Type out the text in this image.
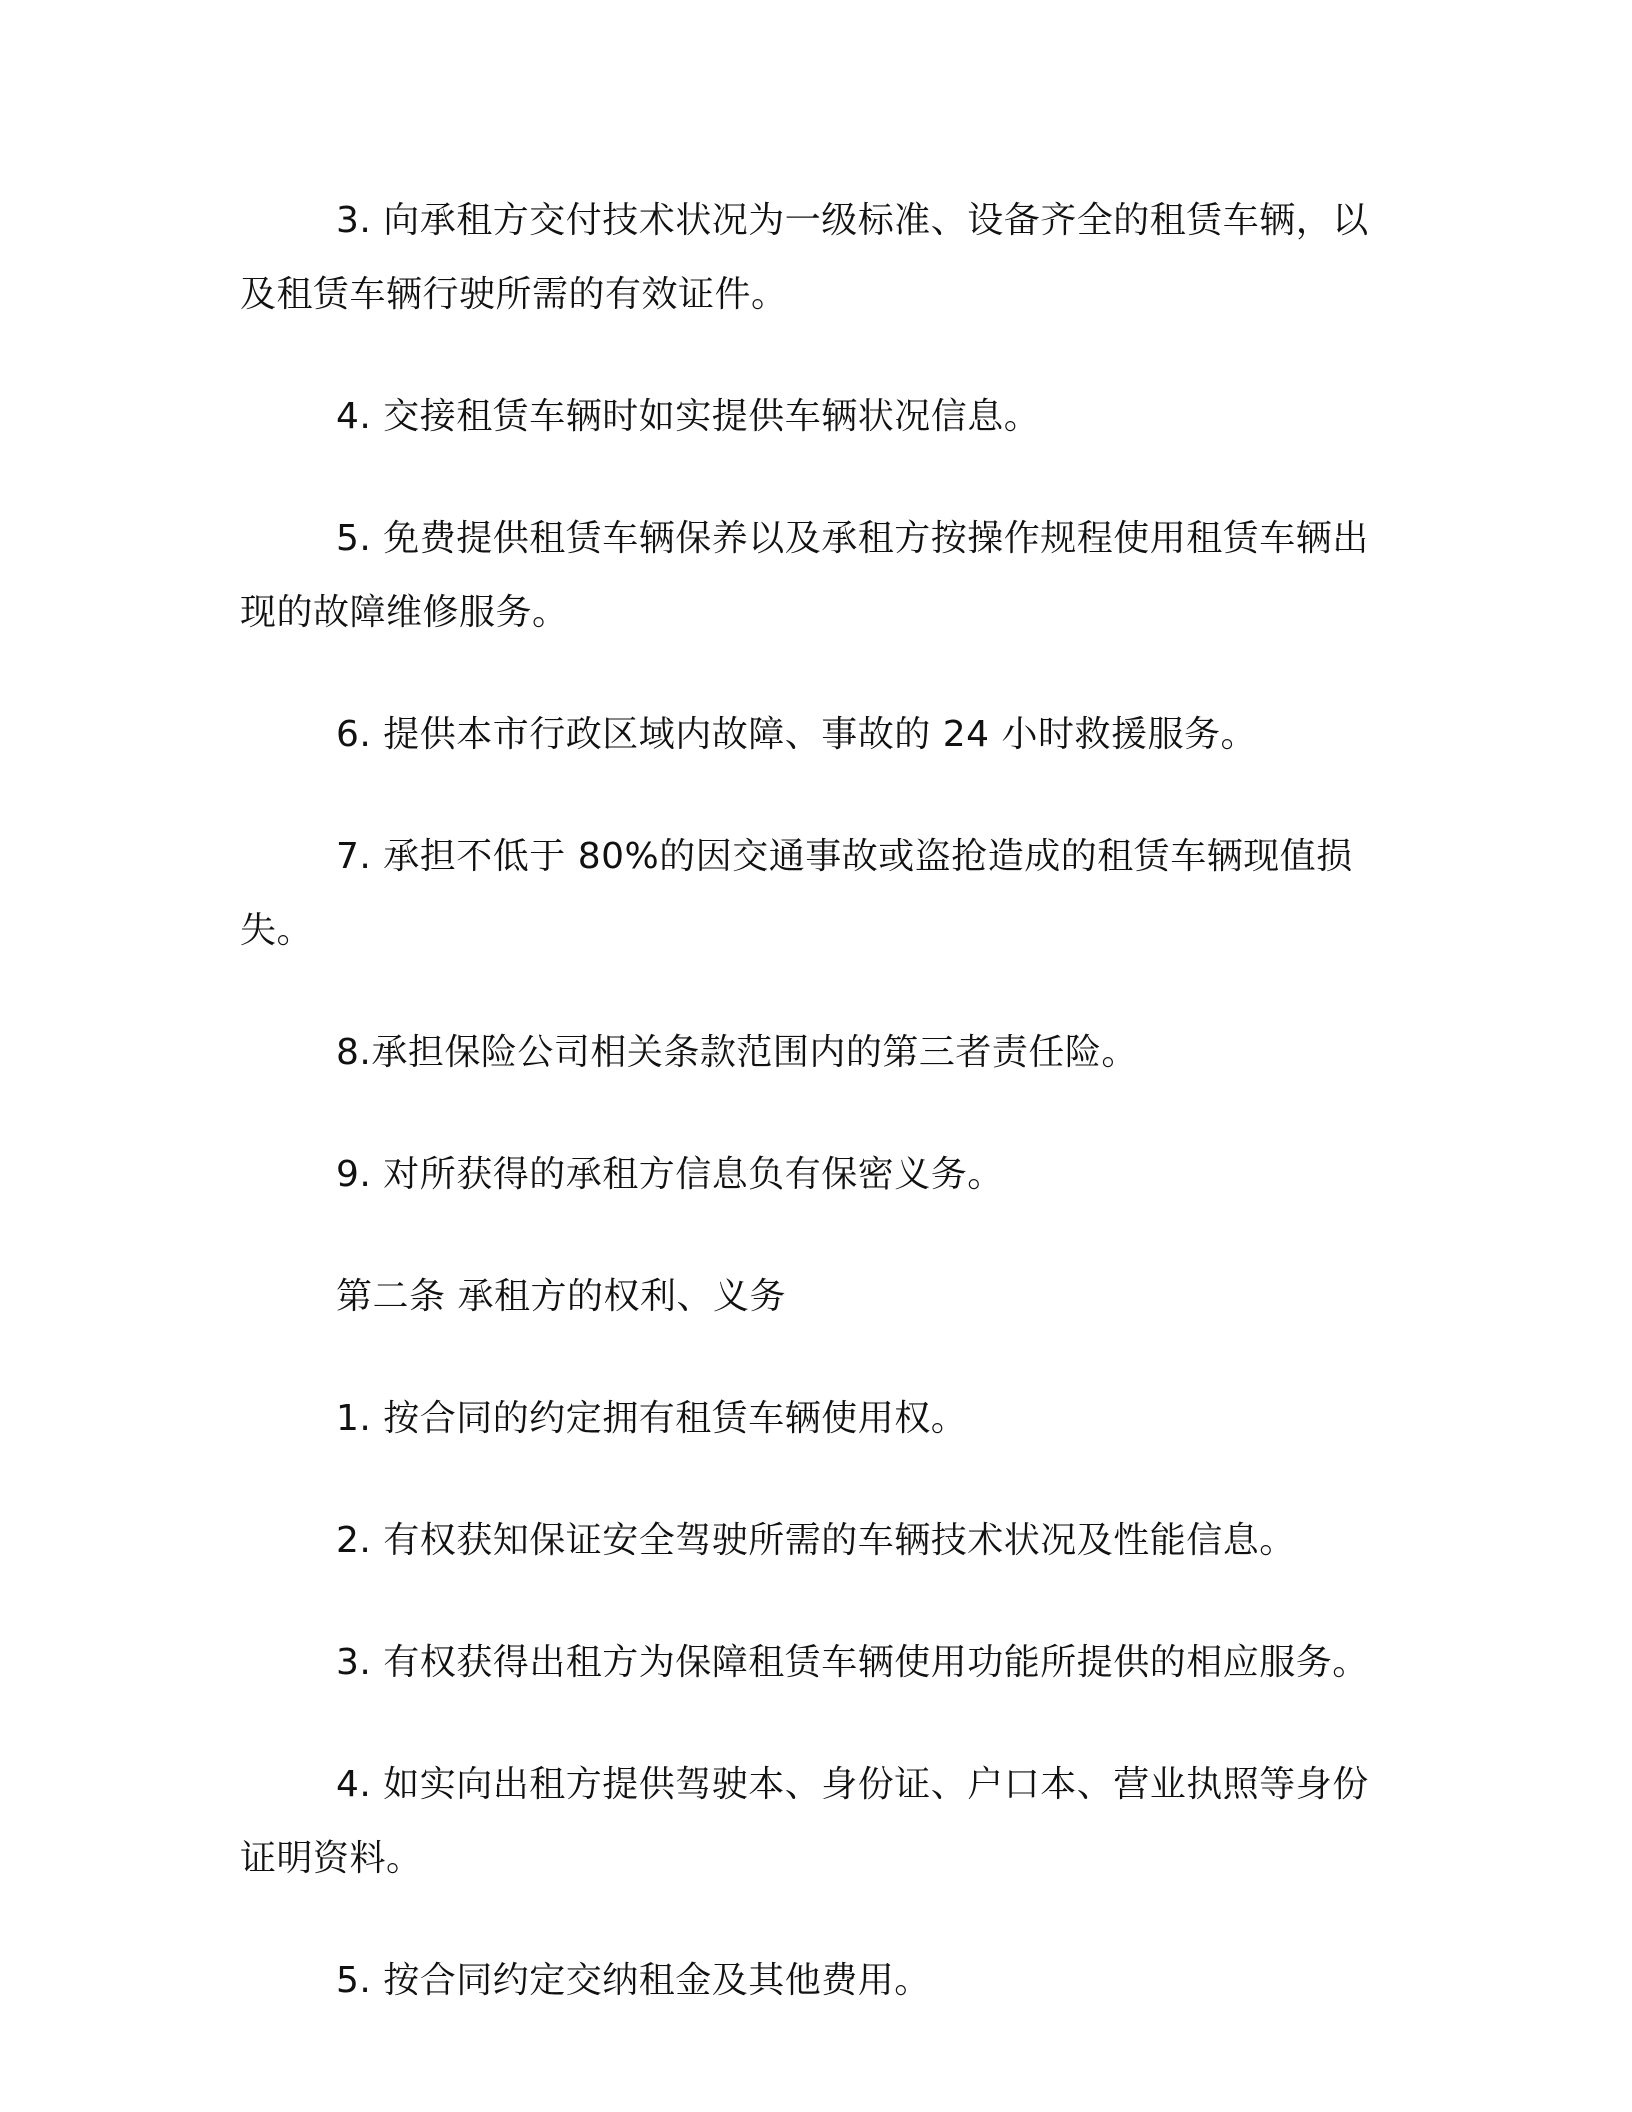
3. 向承租方交付技术状况为一级标准、设备齐全的租赁车辆，以及租赁车辆行驶所需的有效证件。

4. 交接租赁车辆时如实提供车辆状况信息。

5. 免费提供租赁车辆保养以及承租方按操作规程使用租赁车辆出现的故障维修服务。

6. 提供本市行政区域内故障、事故的 24 小时救援服务。

7. 承担不低于 80%的因交通事故或盗抢造成的租赁车辆现值损失。

8.承担保险公司相关条款范围内的第三者责任险。

9. 对所获得的承租方信息负有保密义务。

第二条 承租方的权利、义务

1. 按合同的约定拥有租赁车辆使用权。

2. 有权获知保证安全驾驶所需的车辆技术状况及性能信息。

3. 有权获得出租方为保障租赁车辆使用功能所提供的相应服务。

4. 如实向出租方提供驾驶本、身份证、户口本、营业执照等身份证明资料。

5. 按合同约定交纳租金及其他费用。
